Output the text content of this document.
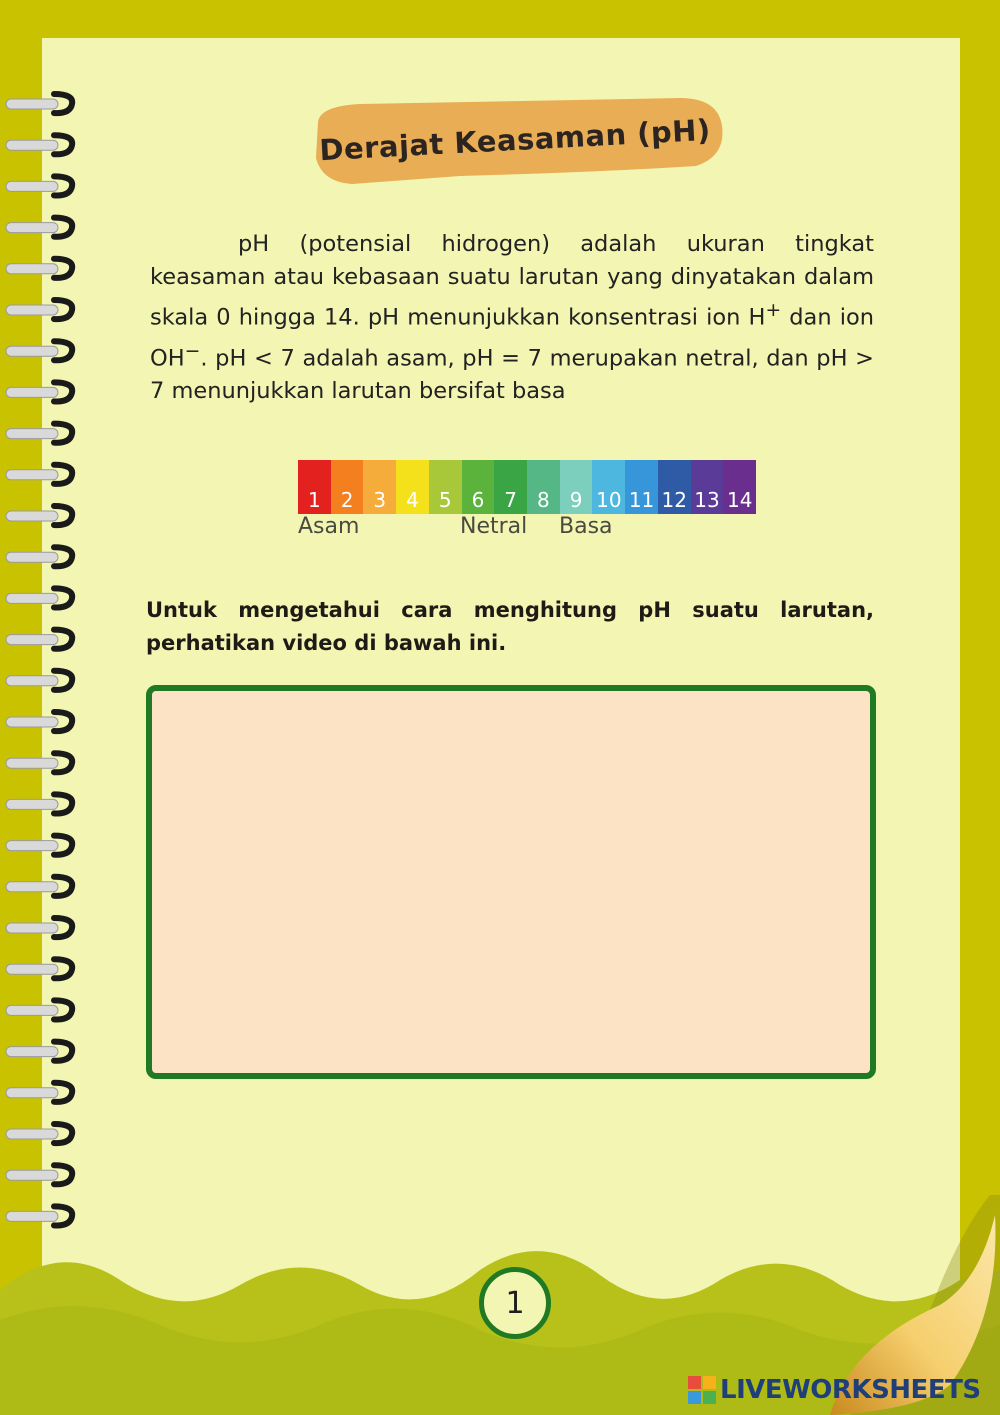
Derajat Keasaman (pH)

pH (potensial hidrogen) adalah ukuran tingkat keasaman atau kebasaan suatu larutan yang dinyatakan dalam skala 0 hingga 14. pH menunjukkan konsentrasi ion H+ dan ion OH−. pH < 7 adalah asam, pH = 7 merupakan netral, dan pH > 7 menunjukkan larutan bersifat basa

1 2 3 4 5 6 7 8 9 10 11 12 13 14
Asam	Netral Basa

Untuk mengetahui cara menghitung pH suatu larutan, perhatikan video di bawah ini.

1
LIVEWORKSHEETS
